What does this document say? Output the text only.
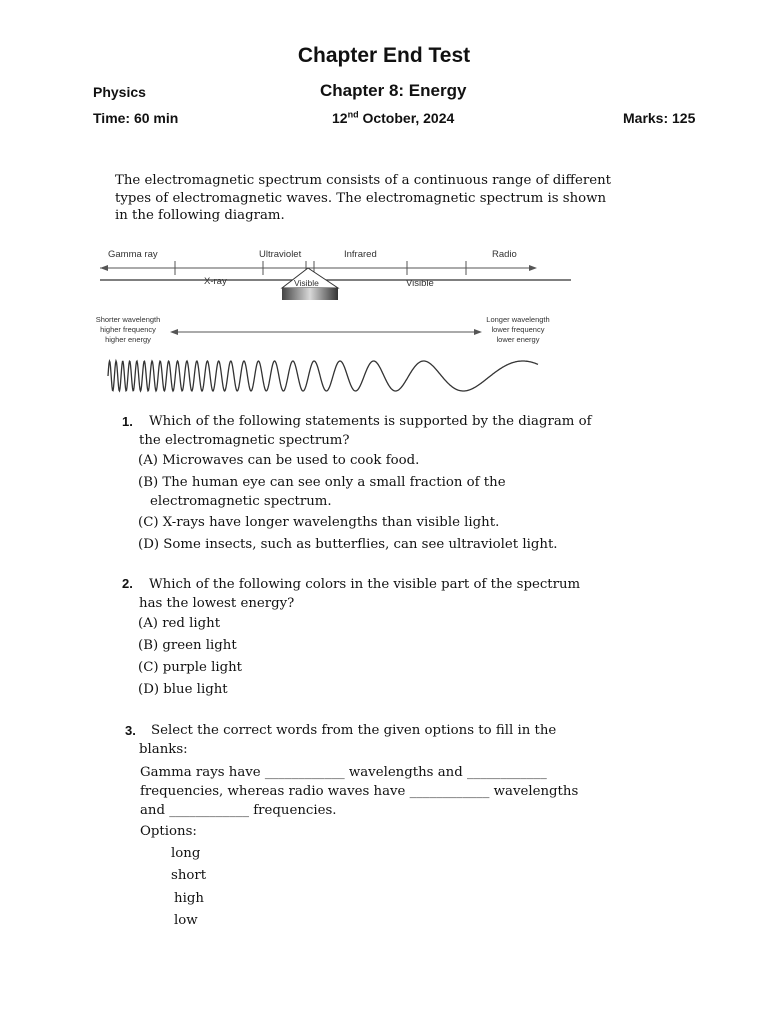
Chapter End Test
Physics	Chapter 8: Energy
Time: 60 min	12nd October, 2024	Marks: 125
The electromagnetic spectrum consists of a continuous range of different
types of electromagnetic waves. The electromagnetic spectrum is shown
in the following diagram.
Gamma ray	Ultraviolet	Infrared	Radio
X-ray	Visible
Visible
Shorter wavelength
higher frequency
higher energy
Longer wavelength
lower frequency
lower energy
1.	Which of the following statements is supported by the diagram of
the electromagnetic spectrum?
(A) Microwaves can be used to cook food.
(B) The human eye can see only a small fraction of the
electromagnetic spectrum.
(C) X-rays have longer wavelengths than visible light.
(D) Some insects, such as butterflies, can see ultraviolet light.
2.	Which of the following colors in the visible part of the spectrum
has the lowest energy?
(A) red light
(B) green light
(C) purple light
(D) blue light
3.	Select the correct words from the given options to fill in the
blanks:
Gamma rays have ____________ wavelengths and ____________
frequencies, whereas radio waves have ____________ wavelengths
and ____________ frequencies.
Options:
long
short
high
low
